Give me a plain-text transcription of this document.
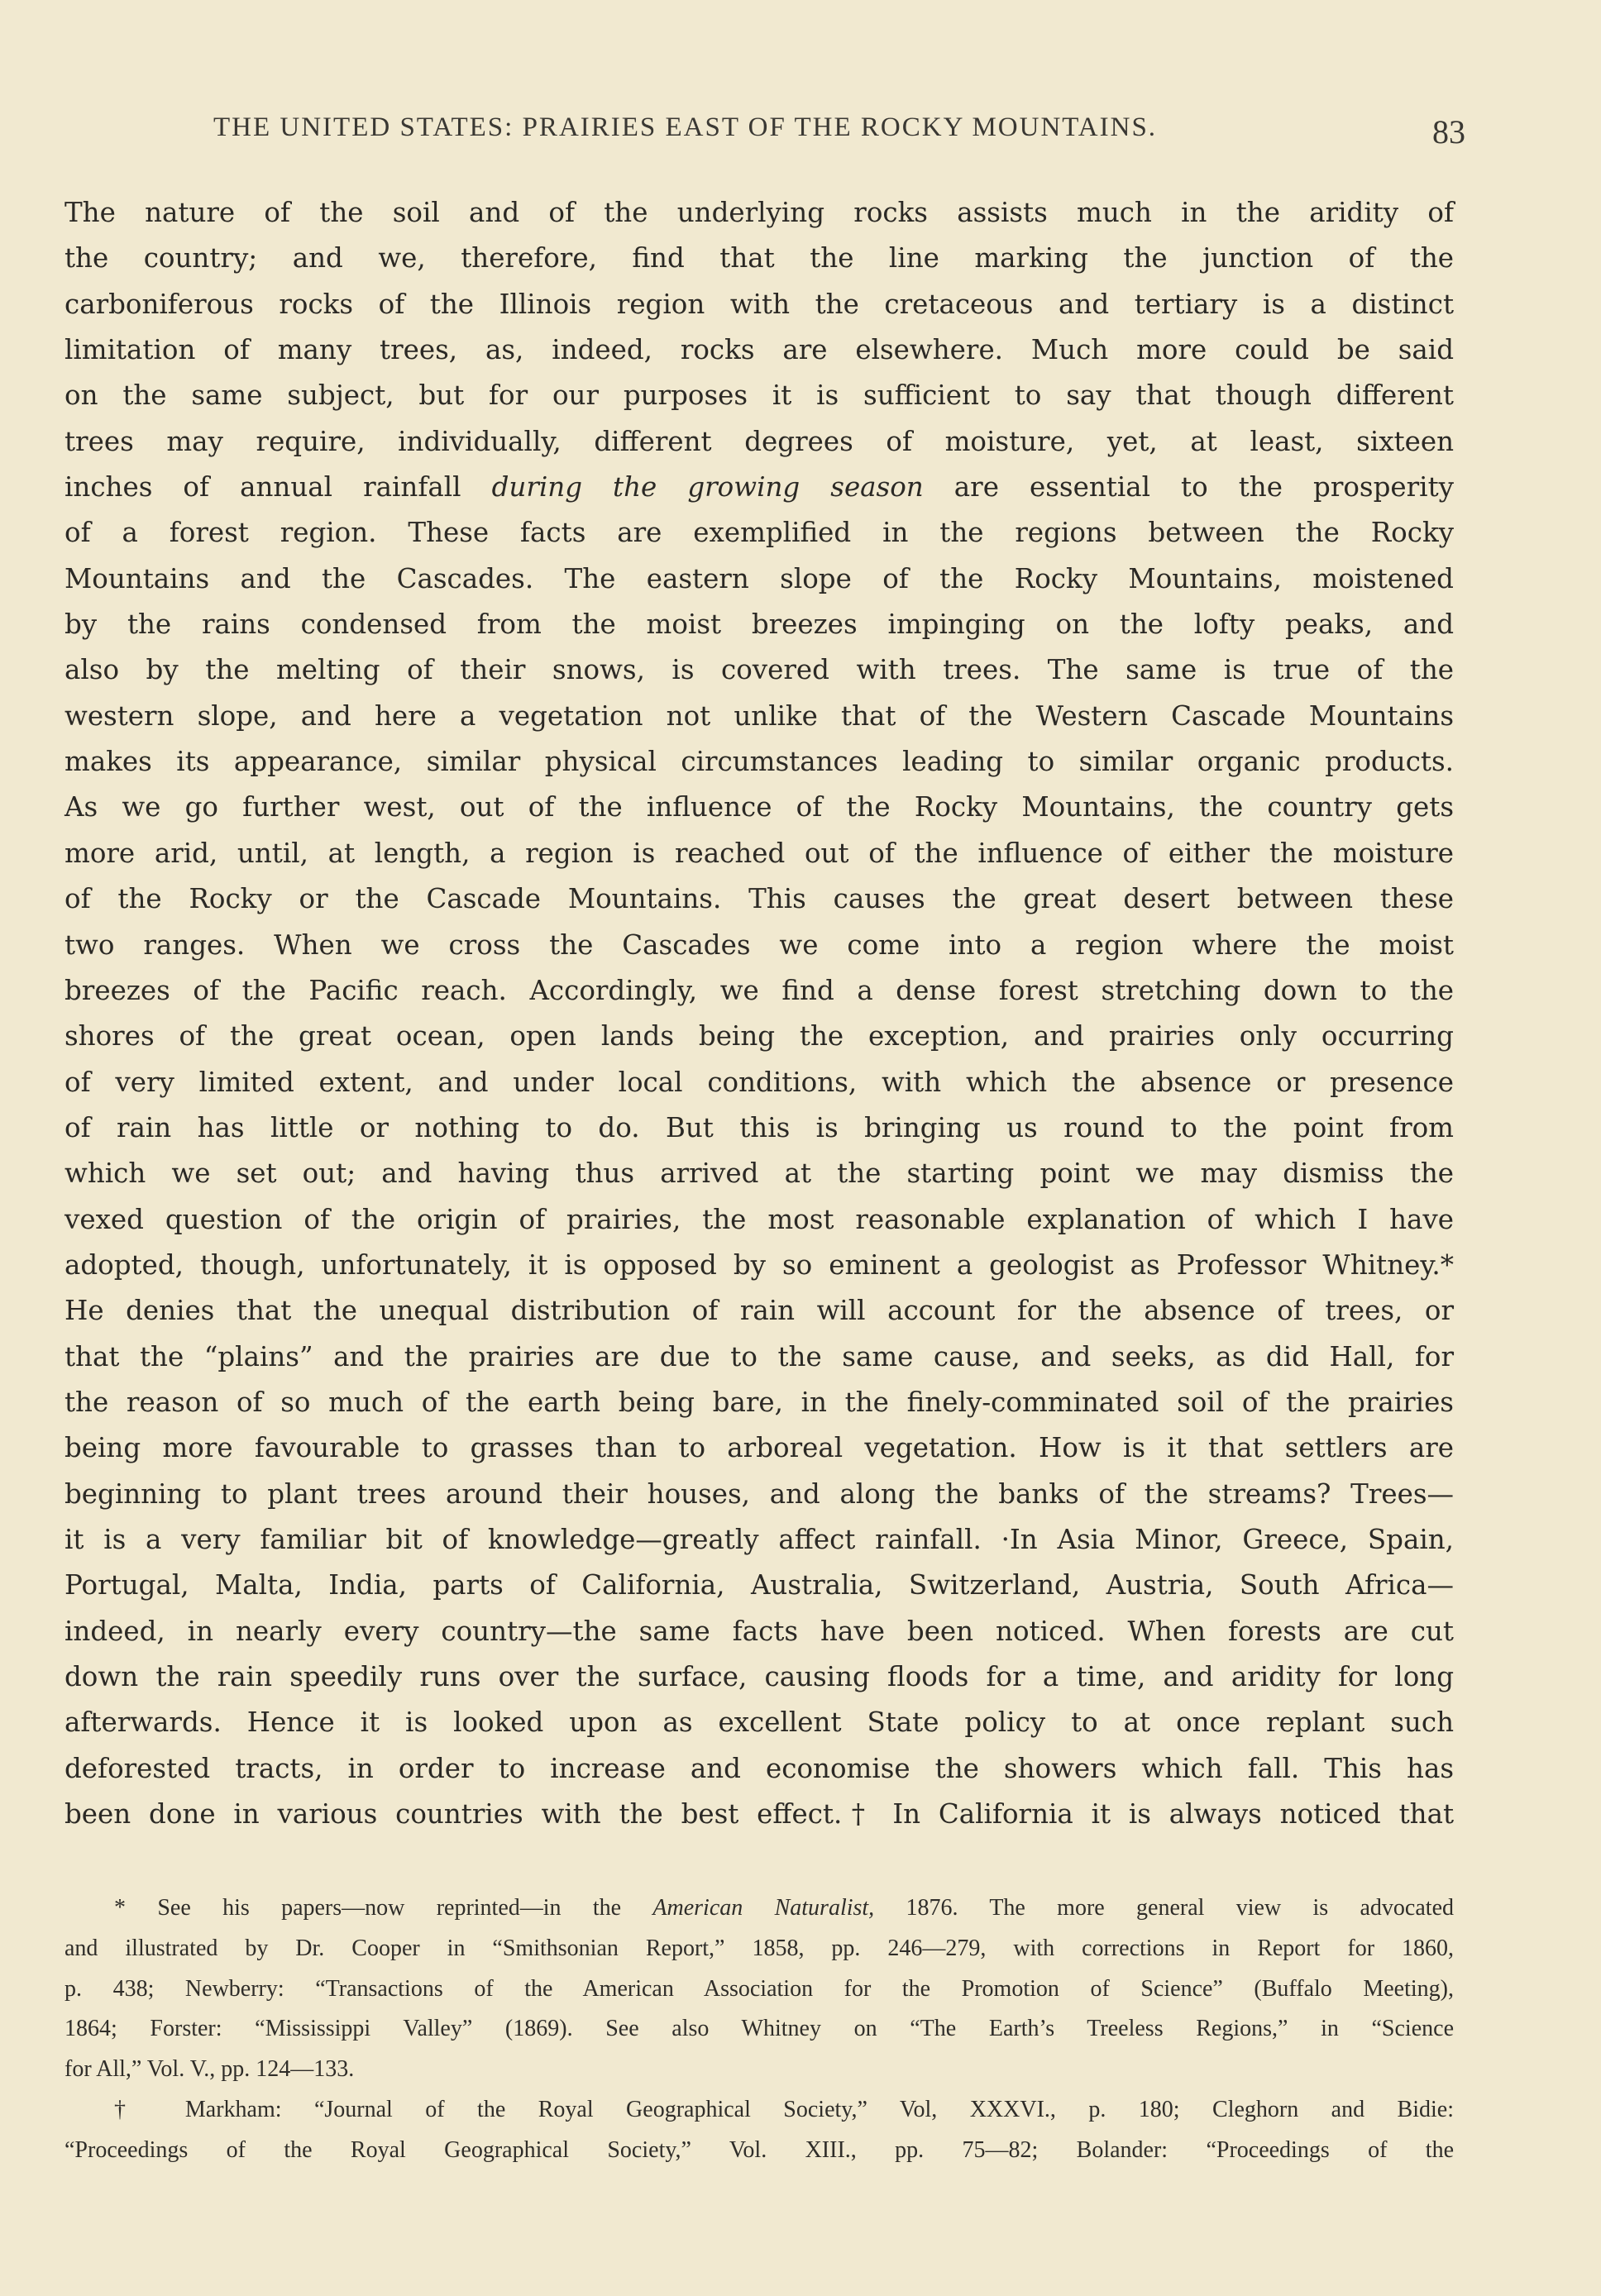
THE UNITED STATES: PRAIRIES EAST OF THE ROCKY MOUNTAINS.	83
The nature of the soil and of the underlying rocks assists much in the aridity of
the country; and we, therefore, find that the line marking the junction of the
carboniferous rocks of the Illinois region with the cretaceous and tertiary is a distinct
limitation of many trees, as, indeed, rocks are elsewhere. Much more could be said
on the same subject, but for our purposes it is sufficient to say that though different
trees may require, individually, different degrees of moisture, yet, at least, sixteen
inches of annual rainfall during the growing season are essential to the prosperity
of a forest region. These facts are exemplified in the regions between the Rocky
Mountains and the Cascades. The eastern slope of the Rocky Mountains, moistened
by the rains condensed from the moist breezes impinging on the lofty peaks, and
also by the melting of their snows, is covered with trees. The same is true of the
western slope, and here a vegetation not unlike that of the Western Cascade Mountains
makes its appearance, similar physical circumstances leading to similar organic products.
As we go further west, out of the influence of the Rocky Mountains, the country gets
more arid, until, at length, a region is reached out of the influence of either the moisture
of the Rocky or the Cascade Mountains. This causes the great desert between these
two ranges. When we cross the Cascades we come into a region where the moist
breezes of the Pacific reach. Accordingly, we find a dense forest stretching down to the
shores of the great ocean, open lands being the exception, and prairies only occurring
of very limited extent, and under local conditions, with which the absence or presence
of rain has little or nothing to do. But this is bringing us round to the point from
which we set out; and having thus arrived at the starting point we may dismiss the
vexed question of the origin of prairies, the most reasonable explanation of which I have
adopted, though, unfortunately, it is opposed by so eminent a geologist as Professor Whitney.*
He denies that the unequal distribution of rain will account for the absence of trees, or
that the “plains” and the prairies are due to the same cause, and seeks, as did Hall, for
the reason of so much of the earth being bare, in the finely-comminated soil of the prairies
being more favourable to grasses than to arboreal vegetation. How is it that settlers are
beginning to plant trees around their houses, and along the banks of the streams? Trees—
it is a very familiar bit of knowledge—greatly affect rainfall. ·In Asia Minor, Greece, Spain,
Portugal, Malta, India, parts of California, Australia, Switzerland, Austria, South Africa—
indeed, in nearly every country—the same facts have been noticed. When forests are cut
down the rain speedily runs over the surface, causing floods for a time, and aridity for long
afterwards. Hence it is looked upon as excellent State policy to at once replant such
deforested tracts, in order to increase and economise the showers which fall. This has
been done in various countries with the best effect.† In California it is always noticed that
* See his papers—now reprinted—in the American Naturalist, 1876. The more general view is advocated
and illustrated by Dr. Cooper in “Smithsonian Report,” 1858, pp. 246—279, with corrections in Report for 1860,
p. 438; Newberry: “Transactions of the American Association for the Promotion of Science” (Buffalo Meeting),
1864; Forster: “Mississippi Valley” (1869). See also Whitney on “The Earth’s Treeless Regions,” in “Science
for All,” Vol. V., pp. 124—133.
† Markham: “Journal of the Royal Geographical Society,” Vol, XXXVI., p. 180; Cleghorn and Bidie:
“Proceedings of the Royal Geographical Society,” Vol. XIII., pp. 75—82; Bolander: “Proceedings of the
